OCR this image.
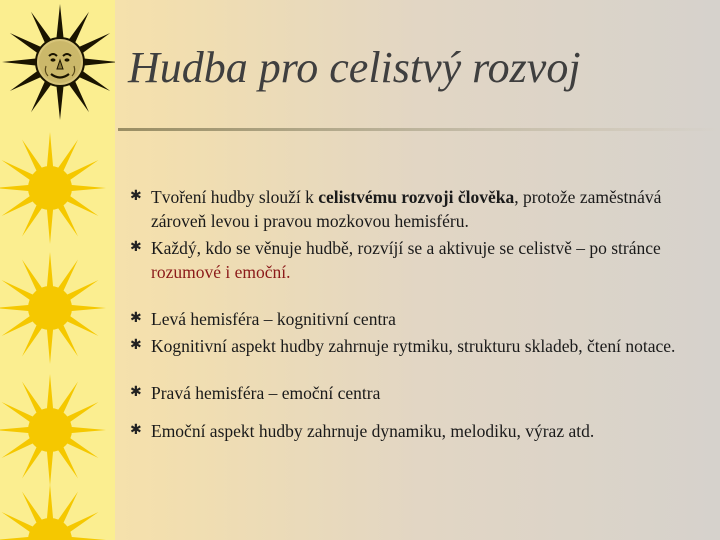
Hudba pro celistvý rozvoj
✱ Tvoření hudby slouží k celistvému rozvoji člověka, protože zaměstnává zároveň levou i pravou mozkovou hemisféru.
✱ Každý, kdo se věnuje hudbě, rozvíjí se a aktivuje se celistvě – po stránce rozumové i emoční.
✱ Levá hemisféra – kognitivní centra
✱ Kognitivní aspekt hudby zahrnuje rytmiku, strukturu skladeb, čtení notace.
✱ Pravá hemisféra – emoční centra
✱ Emoční aspekt hudby zahrnuje dynamiku, melodiku, výraz atd.
